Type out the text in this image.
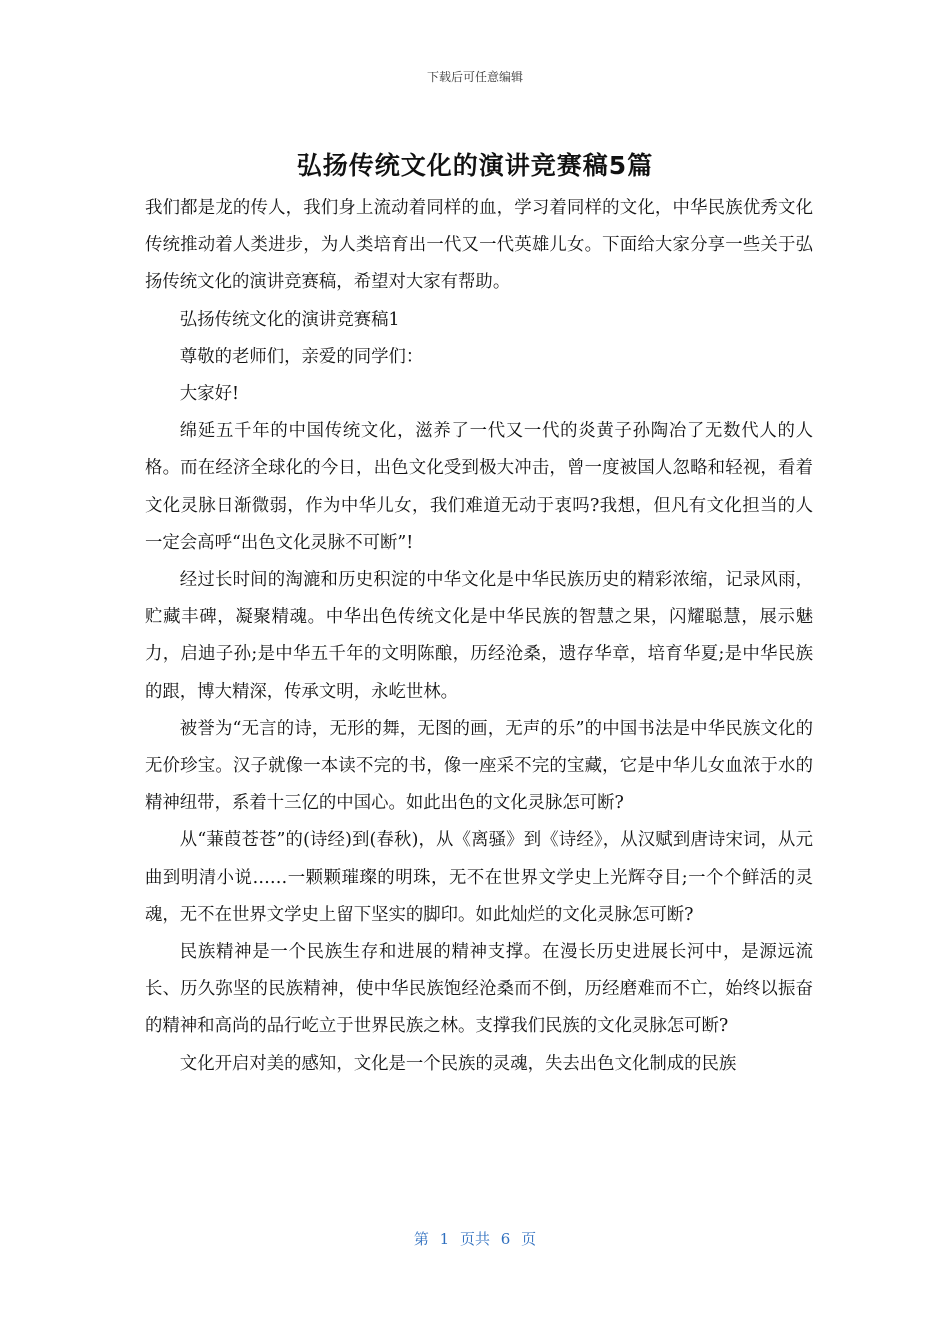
下载后可任意编辑
弘扬传统文化的演讲竞赛稿5篇

我们都是龙的传人，我们身上流动着同样的血，学习着同样的文化，中华民族优秀文化传统推动着人类进步，为人类培育出一代又一代英雄儿女。下面给大家分享一些关于弘扬传统文化的演讲竞赛稿，希望对大家有帮助。

弘扬传统文化的演讲竞赛稿1

尊敬的老师们，亲爱的同学们：

大家好!

绵延五千年的中国传统文化，滋养了一代又一代的炎黄子孙陶冶了无数代人的人格。而在经济全球化的今日，出色文化受到极大冲击，曾一度被国人忽略和轻视，看着文化灵脉日渐微弱，作为中华儿女，我们难道无动于衷吗?我想，但凡有文化担当的人一定会高呼“出色文化灵脉不可断”!

经过长时间的淘漉和历史积淀的中华文化是中华民族历史的精彩浓缩，记录风雨，贮藏丰碑，凝聚精魂。中华出色传统文化是中华民族的智慧之果，闪耀聪慧，展示魅力，启迪子孙;是中华五千年的文明陈酿，历经沧桑，遗存华章，培育华夏;是中华民族的跟，博大精深，传承文明，永屹世林。

被誉为“无言的诗，无形的舞，无图的画，无声的乐”的中国书法是中华民族文化的无价珍宝。汉子就像一本读不完的书，像一座采不完的宝藏，它是中华儿女血浓于水的精神纽带，系着十三亿的中国心。如此出色的文化灵脉怎可断?

从“蒹葭苍苍”的(诗经)到(春秋)，从《离骚》到《诗经》，从汉赋到唐诗宋词，从元曲到明清小说……一颗颗璀璨的明珠，无不在世界文学史上光辉夺目;一个个鲜活的灵魂，无不在世界文学史上留下坚实的脚印。如此灿烂的文化灵脉怎可断?

民族精神是一个民族生存和进展的精神支撑。在漫长历史进展长河中，是源远流长、历久弥坚的民族精神，使中华民族饱经沧桑而不倒，历经磨难而不亡，始终以振奋的精神和高尚的品行屹立于世界民族之林。支撑我们民族的文化灵脉怎可断?

文化开启对美的感知，文化是一个民族的灵魂，失去出色文化制成的民族

第 1 页共 6 页
